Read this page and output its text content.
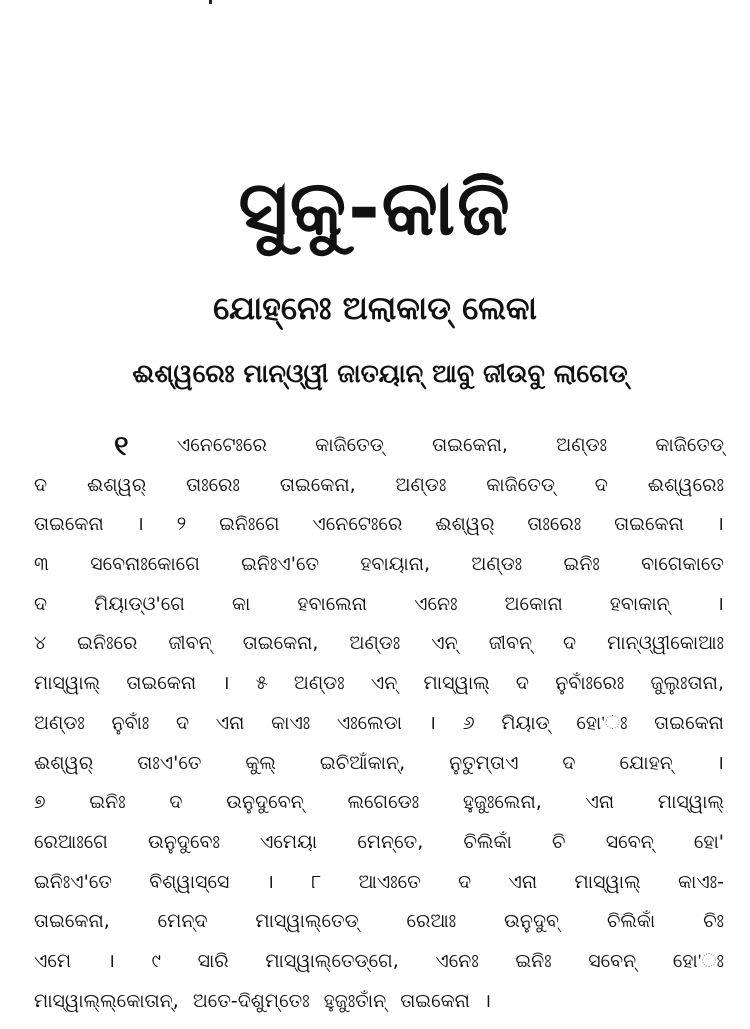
ସୁକୁ-କାଜି
ଯୋହ୍ନେଃ ଅଲାକାଡ୍ ଲେକା
ଈଶ୍ୱରେଃ ମାନ୍‌ଓ୍ୱୀ ଜାତୟାନ୍ ଆବୁ ଜୀଉବୁ ଲାଗେଡ୍
୧	ଏନେଟେଃରେ	କାଜିତେଡ୍	ତାଇକେନା,	ଅଣ୍ଡଃ	କାଜିତେଡ୍
ଦ ଈଶ୍ୱର୍ ତାଃରେଃ ତାଇକେନା, ଅଣ୍ଡଃ କାଜିତେଡ୍ ଦ ଈଶ୍ୱରେଃ
ତାଇକେନା । ୨ ଇନିଃଗେ ଏନେଟେଃରେ ଈଶ୍ୱର୍ ତାଃରେଃ ତାଇକେନା ।
୩ ସବେନାଃକୋଗେ ଇନିଃଏ'ତେ ହବାୟାନା, ଅଣ୍ଡଃ ଇନିଃ ବାଗେକାତେ
ଦ ମିୟାଡ୍‌ଓ'ଗେ କା ହବାଲେନା ଏନେଃ ଅକୋନା ହବାକାନ୍ ।
୪ ଇନିଃରେ ଜୀବନ୍ ତାଇକେନା, ଅଣ୍ଡଃ ଏନ୍ ଜୀବନ୍ ଦ ମାନ୍‌ଓ୍ୱୀକୋଆଃ
ମାସ୍ୱାଲ୍ ତାଇକେନା । ୫ ଅଣ୍ଡଃ ଏନ୍ ମାସ୍ୱାଲ୍ ଦ ନୁବାଁଃରେଃ ଜୁଲୁଃତାନା,
ଅଣ୍ଡଃ ନୁବାଁଃ ଦ ଏନା କାଏଃ ଏଃଲେଡା । ୬ ମିୟାଡ୍ ହୋ'ଃ ତାଇକେନା
ଈଶ୍ୱର୍ ତାଃଏ'ତେ କୁଲ୍ ଇଚିଆଁକାନ୍, ନୁତୁମ୍‌ତାଏ ଦ ଯୋହନ୍ ।
୭ ଇନିଃ ଦ ଉନୁଦୁବେନ୍ ଲଗେଡେଃ ହୁଜୁଃଲେନା, ଏନା ମାସ୍ୱାଲ୍
ରେଆଃଗେ ଉନୁଦୁବେଃ ଏମେୟା ମେନ୍ତେ, ଚିଲିକାଁ ଚି ସବେନ୍ ହୋ'
ଇନିଃଏ'ତେ ବିଶ୍ୱାସ୍‌ସେ । ୮ ଆଏଃତେ ଦ ଏନା ମାସ୍ୱାଲ୍ କାଏଃ-
ତାଇକେନା,	ମେନ୍‌ଦ	ମାସ୍ୱାଲ୍‌ତେଡ୍	ରେଆଃ	ଉନୁଦୁବ୍	ଚିଲିକାଁ	ଚିଃ
ଏମେ । ୯ ସାରି ମାସ୍ୱାଲ୍‌ତେଡ୍‌ଗେ, ଏନେଃ ଇନିଃ ସବେନ୍ ହୋ'ଃ
ମାସ୍ୱାଲ୍‌ଲ୍‌କୋତାନ୍, ଅତେ-ଦିଶୁମ୍‌ତେଃ ହୁଜୁଃତାଁନ୍ ତାଇକେନା ।
